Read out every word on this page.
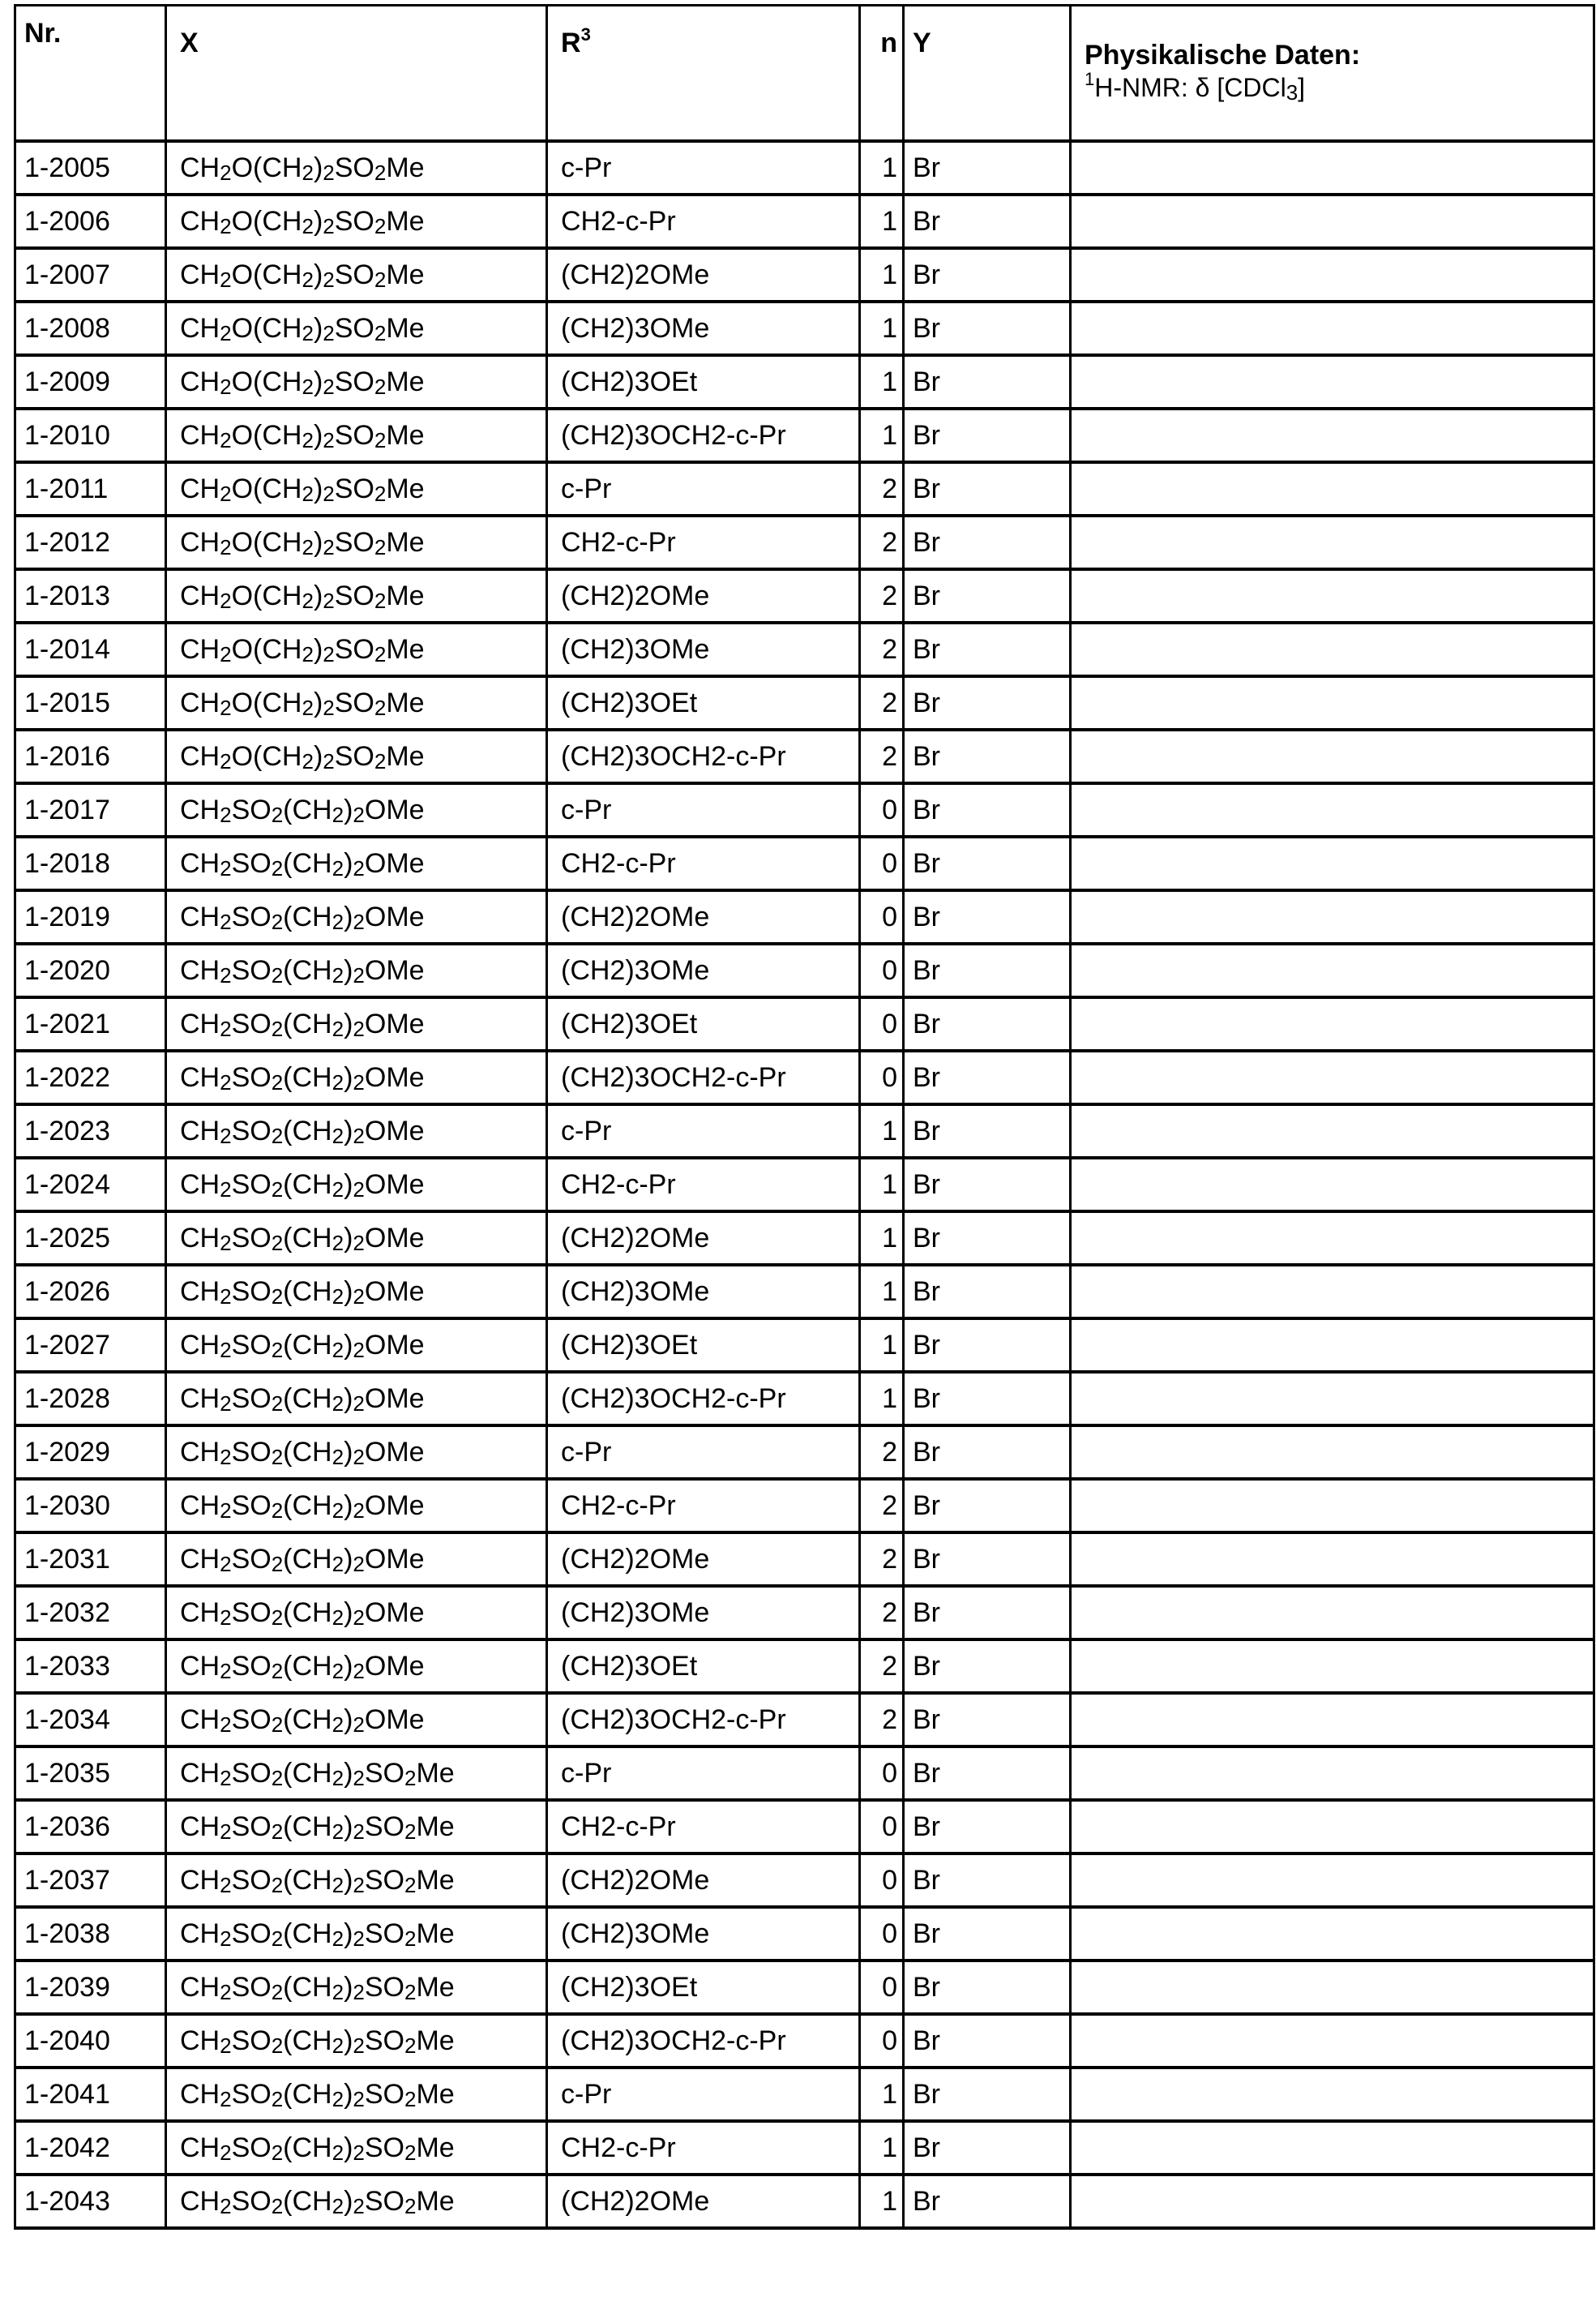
Nr.	X	R3	n	Y	Physikalische Daten:
1H-NMR: δ [CDCl3]

1-2005	CH2O(CH2)2SO2Me	c-Pr	1	Br	
1-2006	CH2O(CH2)2SO2Me	CH2-c-Pr	1	Br	
1-2007	CH2O(CH2)2SO2Me	(CH2)2OMe	1	Br	
1-2008	CH2O(CH2)2SO2Me	(CH2)3OMe	1	Br	
1-2009	CH2O(CH2)2SO2Me	(CH2)3OEt	1	Br	
1-2010	CH2O(CH2)2SO2Me	(CH2)3OCH2-c-Pr	1	Br	
1-2011	CH2O(CH2)2SO2Me	c-Pr	2	Br	
1-2012	CH2O(CH2)2SO2Me	CH2-c-Pr	2	Br	
1-2013	CH2O(CH2)2SO2Me	(CH2)2OMe	2	Br	
1-2014	CH2O(CH2)2SO2Me	(CH2)3OMe	2	Br	
1-2015	CH2O(CH2)2SO2Me	(CH2)3OEt	2	Br	
1-2016	CH2O(CH2)2SO2Me	(CH2)3OCH2-c-Pr	2	Br	
1-2017	CH2SO2(CH2)2OMe	c-Pr	0	Br	
1-2018	CH2SO2(CH2)2OMe	CH2-c-Pr	0	Br	
1-2019	CH2SO2(CH2)2OMe	(CH2)2OMe	0	Br	
1-2020	CH2SO2(CH2)2OMe	(CH2)3OMe	0	Br	
1-2021	CH2SO2(CH2)2OMe	(CH2)3OEt	0	Br	
1-2022	CH2SO2(CH2)2OMe	(CH2)3OCH2-c-Pr	0	Br	
1-2023	CH2SO2(CH2)2OMe	c-Pr	1	Br	
1-2024	CH2SO2(CH2)2OMe	CH2-c-Pr	1	Br	
1-2025	CH2SO2(CH2)2OMe	(CH2)2OMe	1	Br	
1-2026	CH2SO2(CH2)2OMe	(CH2)3OMe	1	Br	
1-2027	CH2SO2(CH2)2OMe	(CH2)3OEt	1	Br	
1-2028	CH2SO2(CH2)2OMe	(CH2)3OCH2-c-Pr	1	Br	
1-2029	CH2SO2(CH2)2OMe	c-Pr	2	Br	
1-2030	CH2SO2(CH2)2OMe	CH2-c-Pr	2	Br	
1-2031	CH2SO2(CH2)2OMe	(CH2)2OMe	2	Br	
1-2032	CH2SO2(CH2)2OMe	(CH2)3OMe	2	Br	
1-2033	CH2SO2(CH2)2OMe	(CH2)3OEt	2	Br	
1-2034	CH2SO2(CH2)2OMe	(CH2)3OCH2-c-Pr	2	Br	
1-2035	CH2SO2(CH2)2SO2Me	c-Pr	0	Br	
1-2036	CH2SO2(CH2)2SO2Me	CH2-c-Pr	0	Br	
1-2037	CH2SO2(CH2)2SO2Me	(CH2)2OMe	0	Br	
1-2038	CH2SO2(CH2)2SO2Me	(CH2)3OMe	0	Br	
1-2039	CH2SO2(CH2)2SO2Me	(CH2)3OEt	0	Br	
1-2040	CH2SO2(CH2)2SO2Me	(CH2)3OCH2-c-Pr	0	Br	
1-2041	CH2SO2(CH2)2SO2Me	c-Pr	1	Br	
1-2042	CH2SO2(CH2)2SO2Me	CH2-c-Pr	1	Br	
1-2043	CH2SO2(CH2)2SO2Me	(CH2)2OMe	1	Br	
